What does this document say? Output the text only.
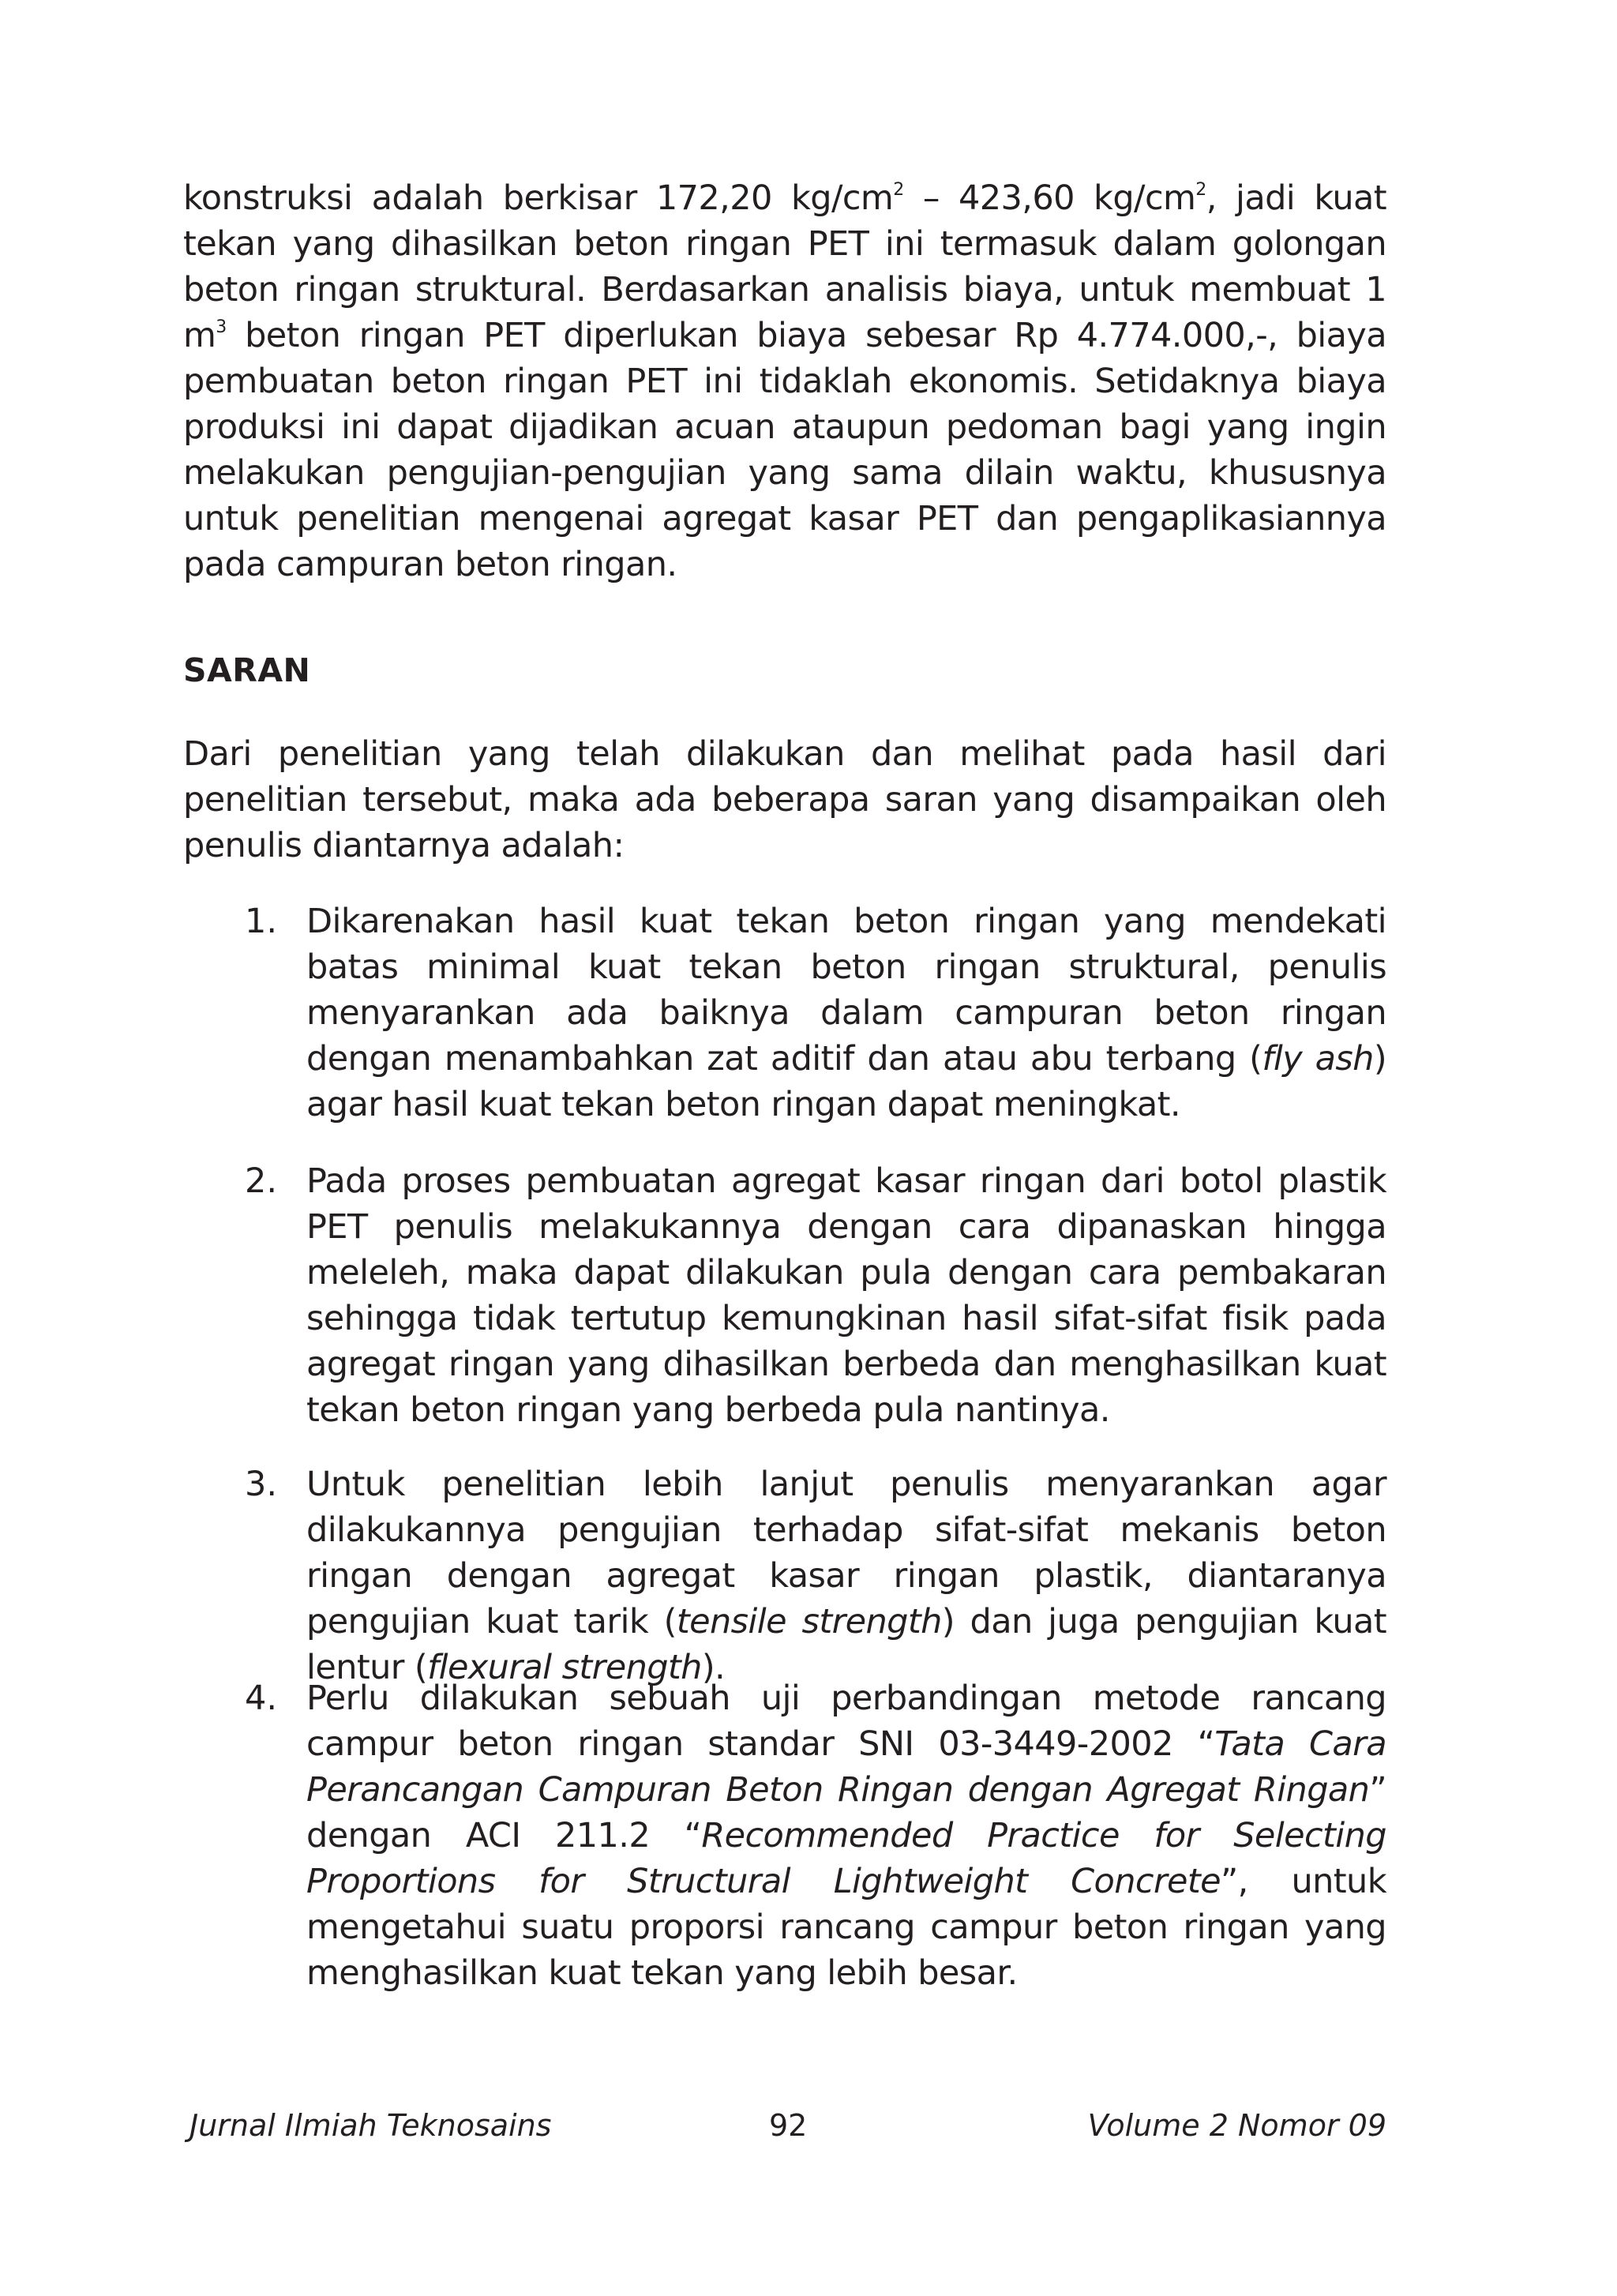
konstruksi adalah berkisar 172,20 $kg/cm^2 - 423,60$ $kg/cm^2$, jadi kuat tekan yang dihasilkan beton ringan PET ini termasuk dalam golongan beton ringan struktural. Berdasarkan analisis biaya, untuk membuat 1 $m^3$ beton ringan PET diperlukan biaya sebesar Rp 4.774.000,-, biaya pembuatan beton ringan PET ini tidaklah ekonomis. Setidaknya biaya produksi ini dapat dijadikan acuan ataupun pedoman bagi yang ingin melakukan pengujian-pengujian yang sama dilain waktu, khususnya untuk penelitian mengenai agregat kasar PET dan pengaplikasiannya pada campuran beton ringan.

SARAN

Dari penelitian yang telah dilakukan dan melihat pada hasil dari penelitian tersebut, maka ada beberapa saran yang disampaikan oleh penulis diantarnya adalah:

1. Dikarenakan hasil kuat tekan beton ringan yang mendekati batas minimal kuat tekan beton ringan struktural, penulis menyarankan ada baiknya dalam campuran beton ringan dengan menambahkan zat aditif dan atau abu terbang (fly ash) agar hasil kuat tekan beton ringan dapat meningkat.
2. Pada proses pembuatan agregat kasar ringan dari botol plastik PET penulis melakukannya dengan cara dipanaskan hingga meleleh, maka dapat dilakukan pula dengan cara pembakaran sehingga tidak tertutup kemungkinan hasil sifat-sifat fisik pada agregat ringan yang dihasilkan berbeda dan menghasilkan kuat tekan beton ringan yang berbeda pula nantinya.
3. Untuk penelitian lebih lanjut penulis menyarankan agar dilakukannya pengujian terhadap sifat-sifat mekanis beton ringan dengan agregat kasar ringan plastik, diantaranya pengujian kuat tarik (tensile strength) dan juga pengujian kuat lentur (flexural strength).
4. Perlu dilakukan sebuah uji perbandingan metode rancang campur beton ringan standar SNI 03-3449-2002 “Tata Cara Perancangan Campuran Beton Ringan dengan Agregat Ringan” dengan ACI 211.2 “Recommended Practice for Selecting Proportions for Structural Lightweight Concrete”, untuk mengetahui suatu proporsi rancang campur beton ringan yang menghasilkan kuat tekan yang lebih besar.
Jurnal Ilmiah Teknosains	92	Volume 2 Nomor 09
